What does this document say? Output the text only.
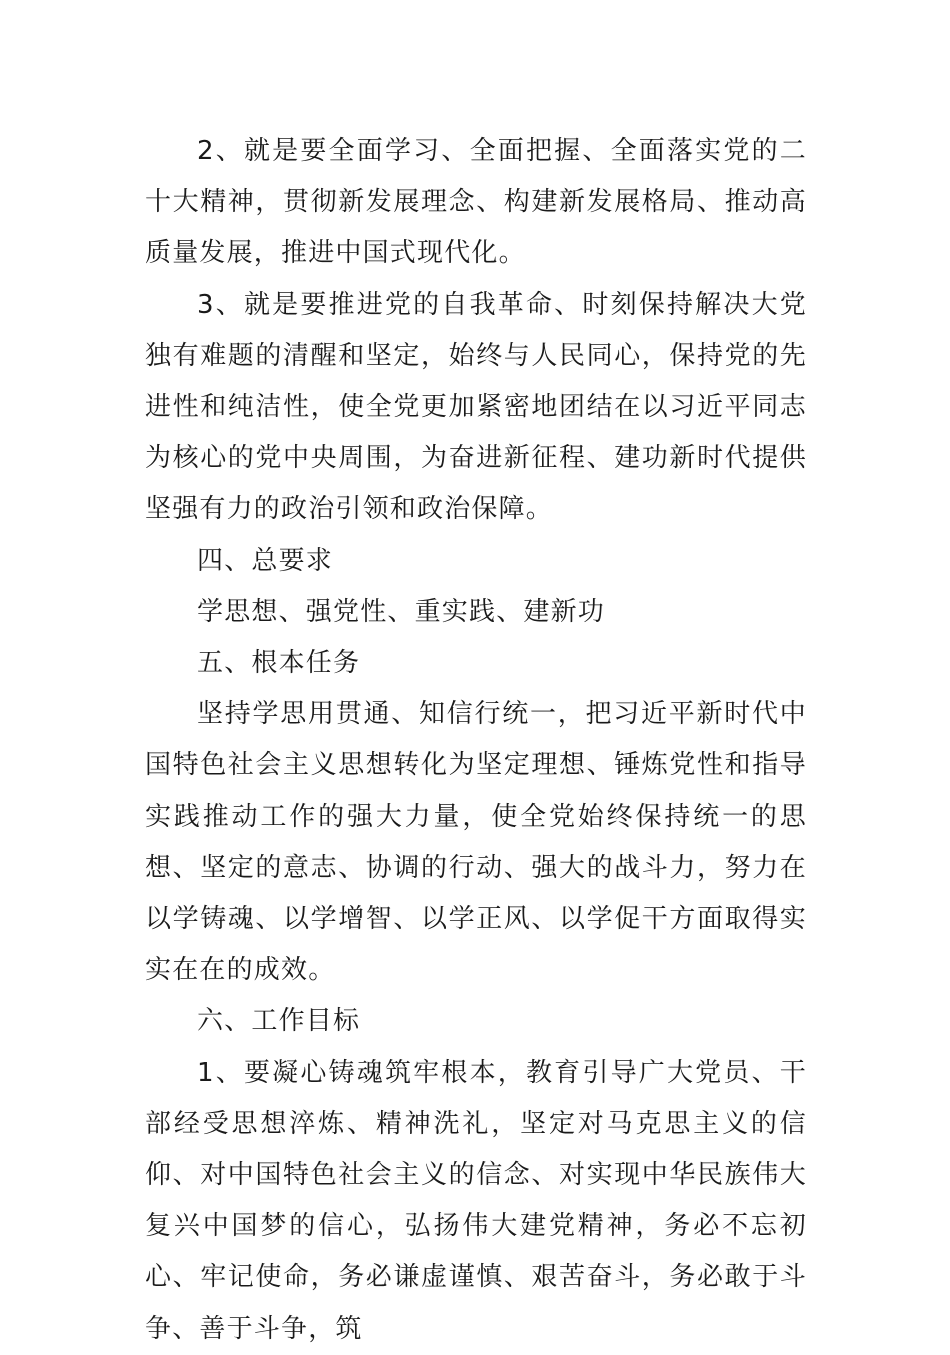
2、就是要全面学习、全面把握、全面落实党的二十大精神，贯彻新发展理念、构建新发展格局、推动高质量发展，推进中国式现代化。

3、就是要推进党的自我革命、时刻保持解决大党独有难题的清醒和坚定，始终与人民同心，保持党的先进性和纯洁性，使全党更加紧密地团结在以习近平同志为核心的党中央周围，为奋进新征程、建功新时代提供坚强有力的政治引领和政治保障。

四、总要求

学思想、强党性、重实践、建新功

五、根本任务

坚持学思用贯通、知信行统一，把习近平新时代中国特色社会主义思想转化为坚定理想、锤炼党性和指导实践推动工作的强大力量，使全党始终保持统一的思想、坚定的意志、协调的行动、强大的战斗力，努力在以学铸魂、以学增智、以学正风、以学促干方面取得实实在在的成效。

六、工作目标

1、要凝心铸魂筑牢根本，教育引导广大党员、干部经受思想淬炼、精神洗礼，坚定对马克思主义的信仰、对中国特色社会主义的信念、对实现中华民族伟大复兴中国梦的信心，弘扬伟大建党精神，务必不忘初心、牢记使命，务必谦虚谨慎、艰苦奋斗，务必敢于斗争、善于斗争，筑
